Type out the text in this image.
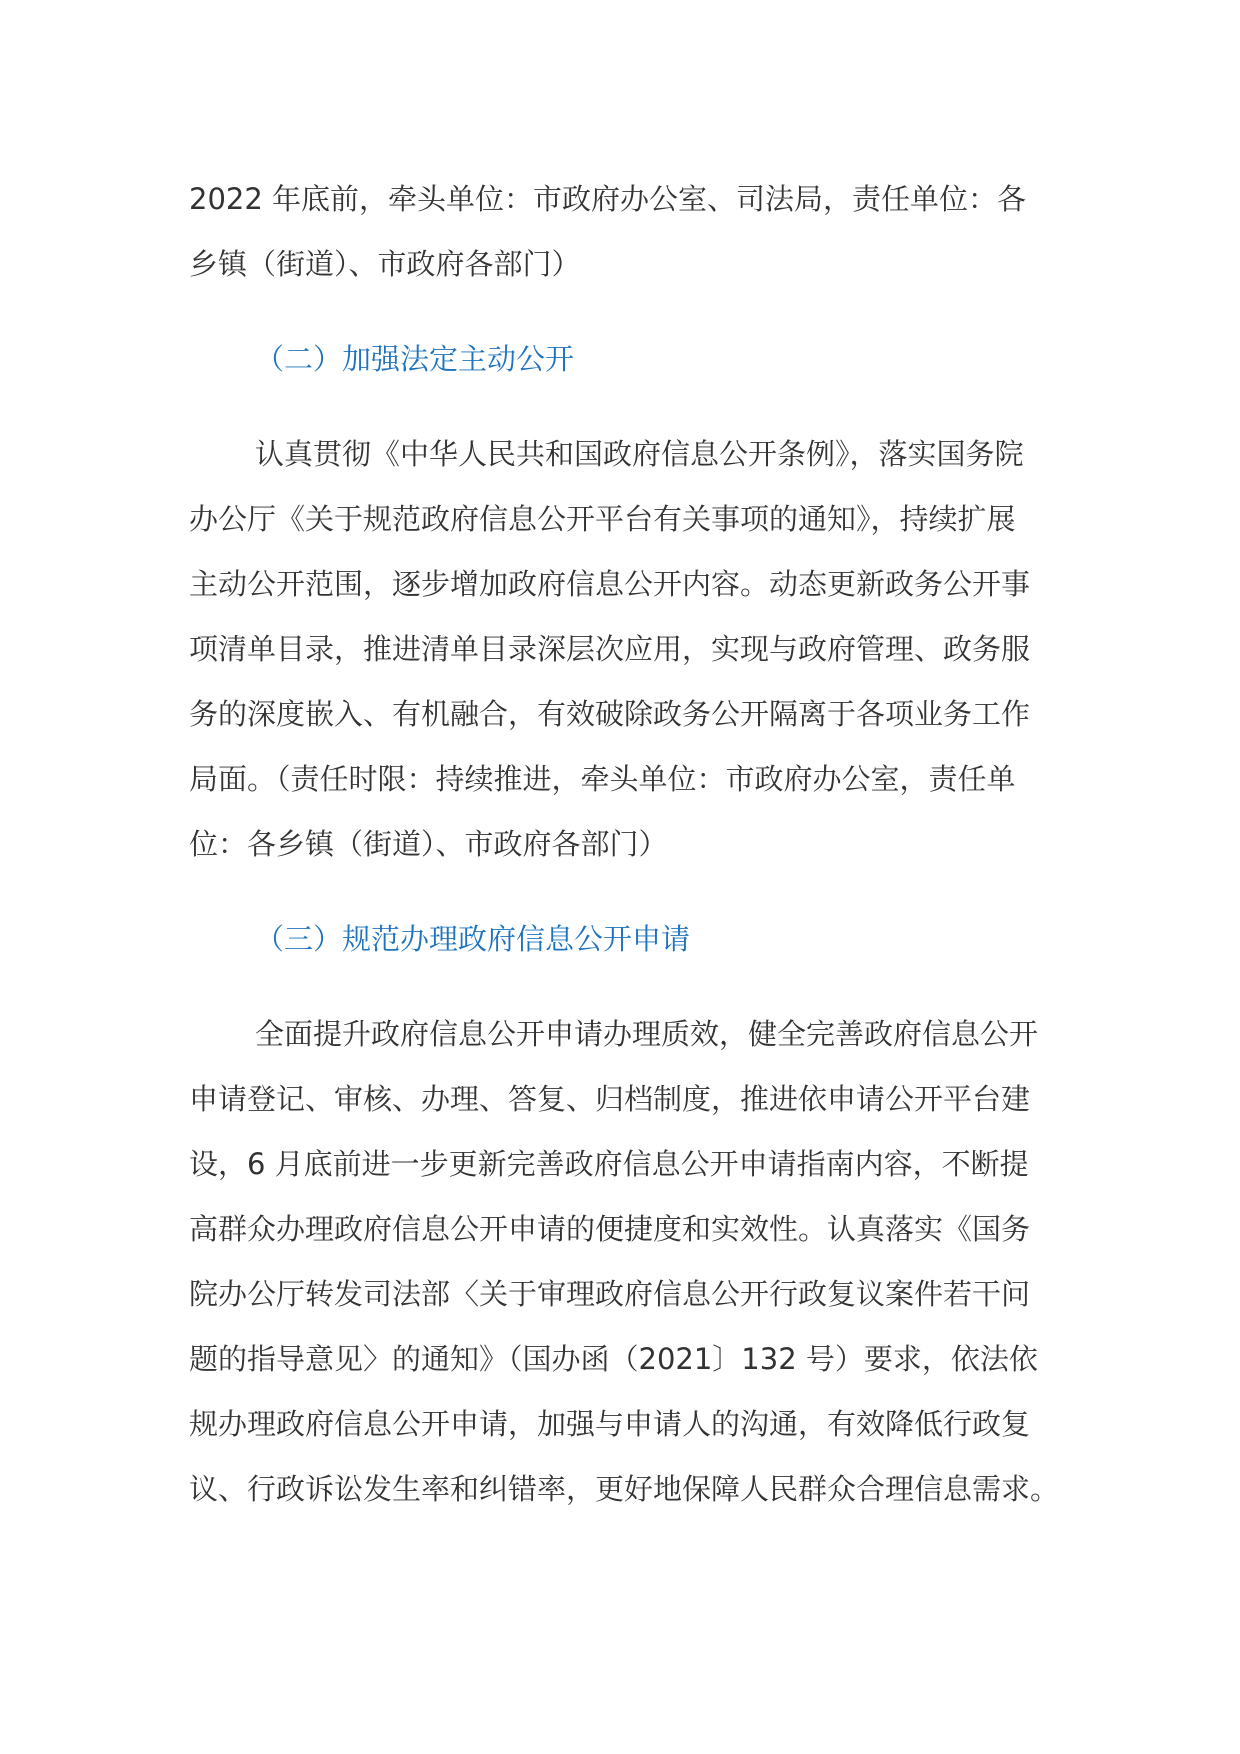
2022 年底前，牵头单位：市政府办公室、司法局，责任单位：各
乡镇（街道）、市政府各部门）
（二）加强法定主动公开
认真贯彻《中华人民共和国政府信息公开条例》，落实国务院
办公厅《关于规范政府信息公开平台有关事项的通知》，持续扩展
主动公开范围，逐步增加政府信息公开内容。动态更新政务公开事
项清单目录，推进清单目录深层次应用，实现与政府管理、政务服
务的深度嵌入、有机融合，有效破除政务公开隔离于各项业务工作
局面。（责任时限：持续推进，牵头单位：市政府办公室，责任单
位：各乡镇（街道）、市政府各部门）
（三）规范办理政府信息公开申请
全面提升政府信息公开申请办理质效，健全完善政府信息公开
申请登记、审核、办理、答复、归档制度，推进依申请公开平台建
设，6 月底前进一步更新完善政府信息公开申请指南内容，不断提
高群众办理政府信息公开申请的便捷度和实效性。认真落实《国务
院办公厅转发司法部〈关于审理政府信息公开行政复议案件若干问
题的指导意见〉的通知》（国办函（2021〕132 号）要求，依法依
规办理政府信息公开申请，加强与申请人的沟通，有效降低行政复
议、行政诉讼发生率和纠错率，更好地保障人民群众合理信息需求。
